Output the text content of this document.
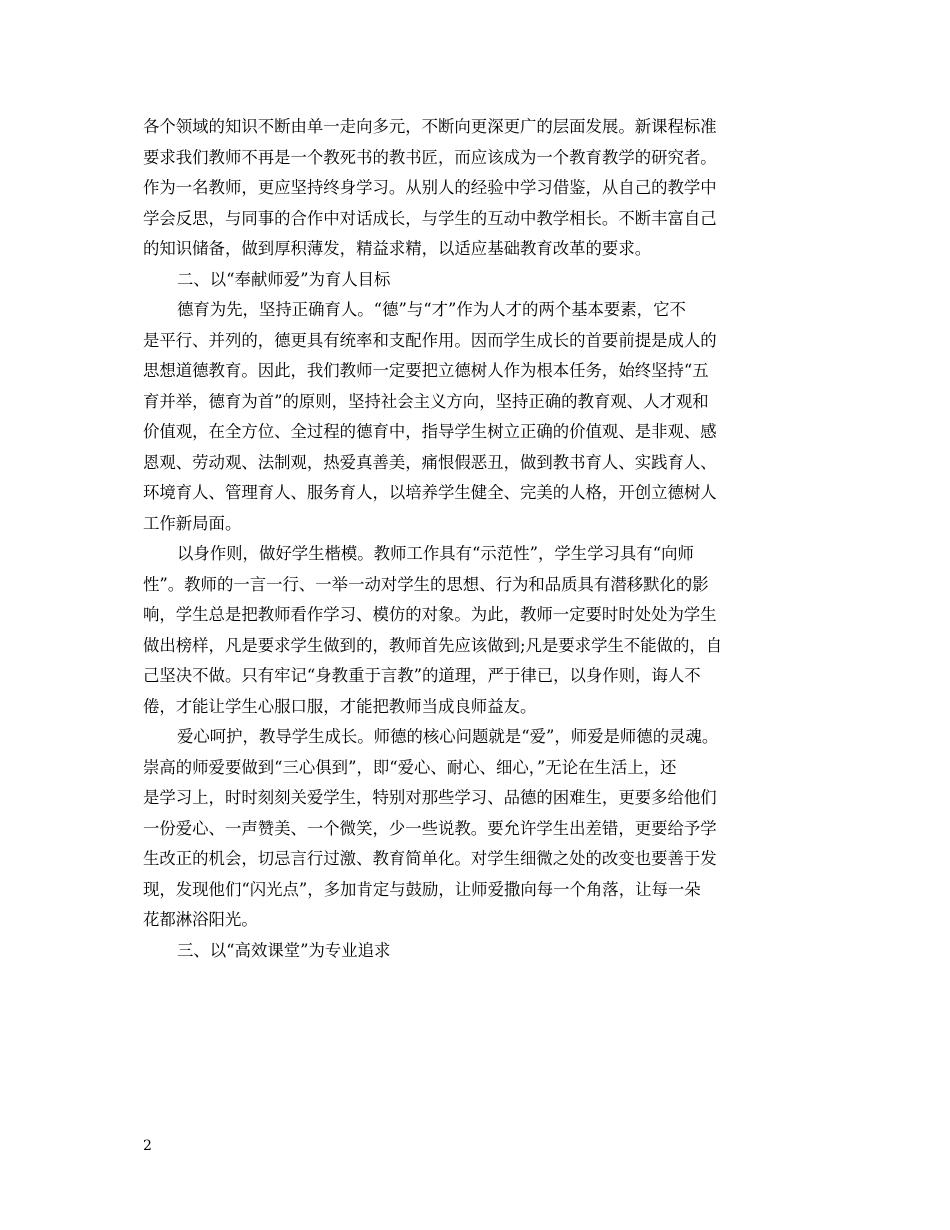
各个领域的知识不断由单一走向多元，不断向更深更广的层面发展。新课程标准
要求我们教师不再是一个教死书的教书匠，而应该成为一个教育教学的研究者。
作为一名教师，更应坚持终身学习。从别人的经验中学习借鉴，从自己的教学中
学会反思，与同事的合作中对话成长，与学生的互动中教学相长。不断丰富自己
的知识储备，做到厚积薄发，精益求精，以适应基础教育改革的要求。
二、以“奉献师爱”为育人目标
德育为先，坚持正确育人。“德”与“才”作为人才的两个基本要素，它不
是平行、并列的，德更具有统率和支配作用。因而学生成长的首要前提是成人的
思想道德教育。因此，我们教师一定要把立德树人作为根本任务，始终坚持“五
育并举，德育为首”的原则，坚持社会主义方向，坚持正确的教育观、人才观和
价值观，在全方位、全过程的德育中，指导学生树立正确的价值观、是非观、感
恩观、劳动观、法制观，热爱真善美，痛恨假恶丑，做到教书育人、实践育人、
环境育人、管理育人、服务育人，以培养学生健全、完美的人格，开创立德树人
工作新局面。
以身作则，做好学生楷模。教师工作具有“示范性”，学生学习具有“向师
性”。教师的一言一行、一举一动对学生的思想、行为和品质具有潜移默化的影
响，学生总是把教师看作学习、模仿的对象。为此，教师一定要时时处处为学生
做出榜样，凡是要求学生做到的，教师首先应该做到;凡是要求学生不能做的，自
己坚决不做。只有牢记“身教重于言教”的道理，严于律已，以身作则，诲人不
倦，才能让学生心服口服，才能把教师当成良师益友。
爱心呵护，教导学生成长。师德的核心问题就是“爱”，师爱是师德的灵魂。
崇高的师爱要做到“三心俱到”，即“爱心、耐心、细心，”无论在生活上，还
是学习上，时时刻刻关爱学生，特别对那些学习、品德的困难生，更要多给他们
一份爱心、一声赞美、一个微笑，少一些说教。要允许学生出差错，更要给予学
生改正的机会，切忌言行过激、教育简单化。对学生细微之处的改变也要善于发
现，发现他们“闪光点”，多加肯定与鼓励，让师爱撒向每一个角落，让每一朵
花都淋浴阳光。
三、以“高效课堂”为专业追求
2
